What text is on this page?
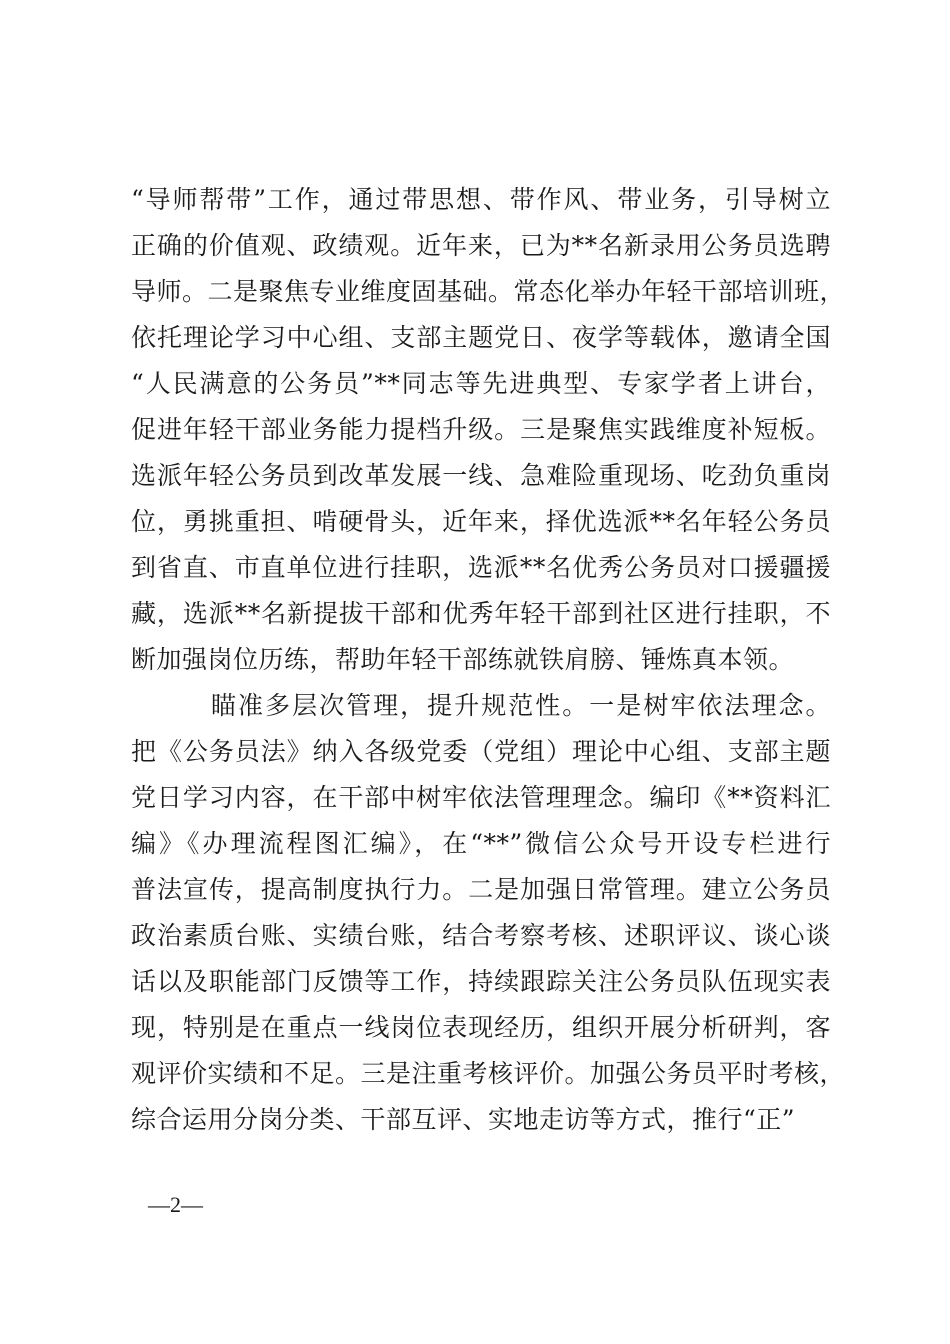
“导师帮带”工作，通过带思想、带作风、带业务，引导树立
正确的价值观、政绩观。近年来，已为**名新录用公务员选聘
导师。二是聚焦专业维度固基础。常态化举办年轻干部培训班，
依托理论学习中心组、支部主题党日、夜学等载体，邀请全国
“人民满意的公务员”**同志等先进典型、专家学者上讲台，
促进年轻干部业务能力提档升级。三是聚焦实践维度补短板。
选派年轻公务员到改革发展一线、急难险重现场、吃劲负重岗
位，勇挑重担、啃硬骨头，近年来，择优选派**名年轻公务员
到省直、市直单位进行挂职，选派**名优秀公务员对口援疆援
藏，选派**名新提拔干部和优秀年轻干部到社区进行挂职，不
断加强岗位历练，帮助年轻干部练就铁肩膀、锤炼真本领。
瞄准多层次管理，提升规范性。一是树牢依法理念。
把《公务员法》纳入各级党委（党组）理论中心组、支部主题
党日学习内容，在干部中树牢依法管理理念。编印《**资料汇
编》《办理流程图汇编》，在“**”微信公众号开设专栏进行
普法宣传，提高制度执行力。二是加强日常管理。建立公务员
政治素质台账、实绩台账，结合考察考核、述职评议、谈心谈
话以及职能部门反馈等工作，持续跟踪关注公务员队伍现实表
现，特别是在重点一线岗位表现经历，组织开展分析研判，客
观评价实绩和不足。三是注重考核评价。加强公务员平时考核，
综合运用分岗分类、干部互评、实地走访等方式，推行“正”
—2—
